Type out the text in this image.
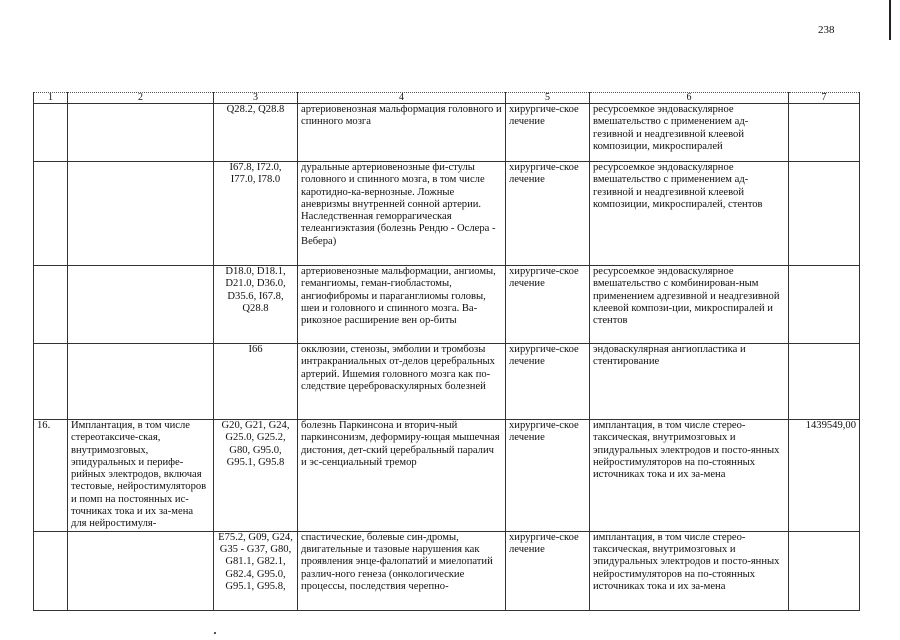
238
1	2	3	4	5	6	7
		Q28.2, Q28.8	артериовенозная мальформация головного и спинного мозга	хирургиче-ское лечение	ресурсоемкое эндоваскулярное вмешательство с применением ад-гезивной и неадгезивной клеевой композиции, микроспиралей	
		I67.8, I72.0, I77.0, I78.0	дуральные артериовенозные фи-стулы головного и спинного мозга, в том числе каротидно-ка-вернозные. Ложные аневризмы внутренней сонной артерии. Наследственная геморрагическая телеангиэктазия (болезнь Рендю - Ослера - Вебера)	хирургиче-ское лечение	ресурсоемкое эндоваскулярное вмешательство с применением ад-гезивной и неадгезивной клеевой композиции, микроспиралей, стентов	
		D18.0, D18.1, D21.0, D36.0, D35.6, I67.8, Q28.8	артериовенозные мальформации, ангиомы, гемангиомы, геман-гиобластомы, ангиофибромы и параганглиомы головы, шеи и головного и спинного мозга. Ва-рикозное расширение вен ор-биты	хирургиче-ское лечение	ресурсоемкое эндоваскулярное вмешательство с комбинирован-ным применением адгезивной и неадгезивной клеевой компози-ции, микроспиралей и стентов	
		I66	окклюзии, стенозы, эмболии и тромбозы интракраниальных от-делов церебральных артерий. Ишемия головного мозга как по-следствие цереброваскулярных болезней	хирургиче-ское лечение	эндоваскулярная ангиопластика и стентирование	
16.	Имплантация, в том числе стереотаксиче-ская, внутримозговых, эпидуральных и перифе-рийных электродов, включая тестовые, нейростимуляторов и помп на постоянных ис-точниках тока и их за-мена для нейростимуля-	G20, G21, G24, G25.0, G25.2, G80, G95.0, G95.1, G95.8	болезнь Паркинсона и вторич-ный паркинсонизм, деформиру-ющая мышечная дистония, дет-ский церебральный паралич и эс-сенциальный тремор	хирургиче-ское лечение	имплантация, в том числе стерео-таксическая, внутримозговых и эпидуральных электродов и посто-янных нейростимуляторов на по-стоянных источниках тока и их за-мена	1439549,00
		E75.2, G09, G24, G35 - G37, G80, G81.1, G82.1, G82.4, G95.0, G95.1, G95.8,	спастические, болевые син-дромы, двигательные и тазовые нарушения как проявления энце-фалопатий и миелопатий различ-ного генеза (онкологические процессы, последствия черепно-	хирургиче-ское лечение	имплантация, в том числе стерео-таксическая, внутримозговых и эпидуральных электродов и посто-янных нейростимуляторов на по-стоянных источниках тока и их за-мена	
